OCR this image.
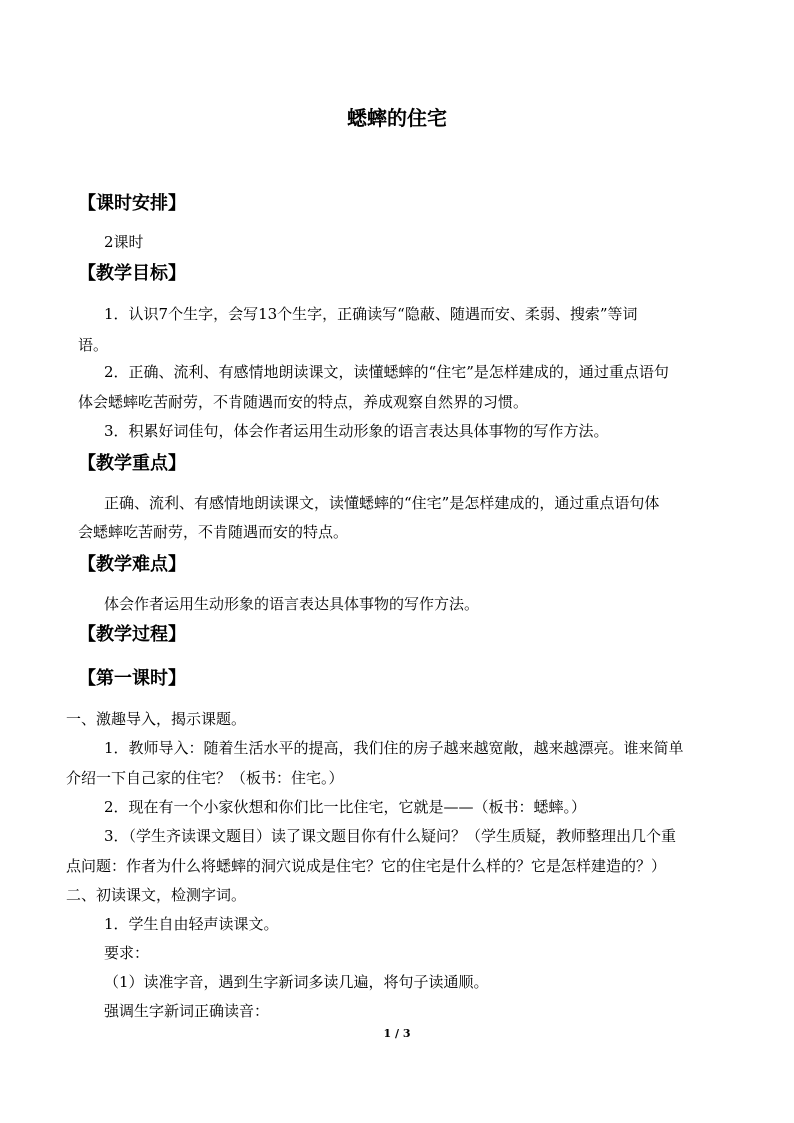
蟋蟀的住宅
【课时安排】
2课时
【教学目标】
1．认识7个生字，会写13个生字，正确读写“隐蔽、随遇而安、柔弱、搜索”等词
语。
2．正确、流利、有感情地朗读课文，读懂蟋蟀的“住宅”是怎样建成的，通过重点语句
体会蟋蟀吃苦耐劳，不肯随遇而安的特点，养成观察自然界的习惯。
3．积累好词佳句，体会作者运用生动形象的语言表达具体事物的写作方法。
【教学重点】
正确、流利、有感情地朗读课文，读懂蟋蟀的“住宅”是怎样建成的，通过重点语句体
会蟋蟀吃苦耐劳，不肯随遇而安的特点。
【教学难点】
体会作者运用生动形象的语言表达具体事物的写作方法。
【教学过程】
【第一课时】
一、激趣导入，揭示课题。
1．教师导入：随着生活水平的提高，我们住的房子越来越宽敞，越来越漂亮。谁来简单
介绍一下自己家的住宅？（板书：住宅。）
2．现在有一个小家伙想和你们比一比住宅，它就是——（板书：蟋蟀。）
3．（学生齐读课文题目）读了课文题目你有什么疑问？（学生质疑，教师整理出几个重
点问题：作者为什么将蟋蟀的洞穴说成是住宅？它的住宅是什么样的？它是怎样建造的？）
二、初读课文，检测字词。
1．学生自由轻声读课文。
要求：
（1）读准字音，遇到生字新词多读几遍，将句子读通顺。
强调生字新词正确读音：
1 / 3
